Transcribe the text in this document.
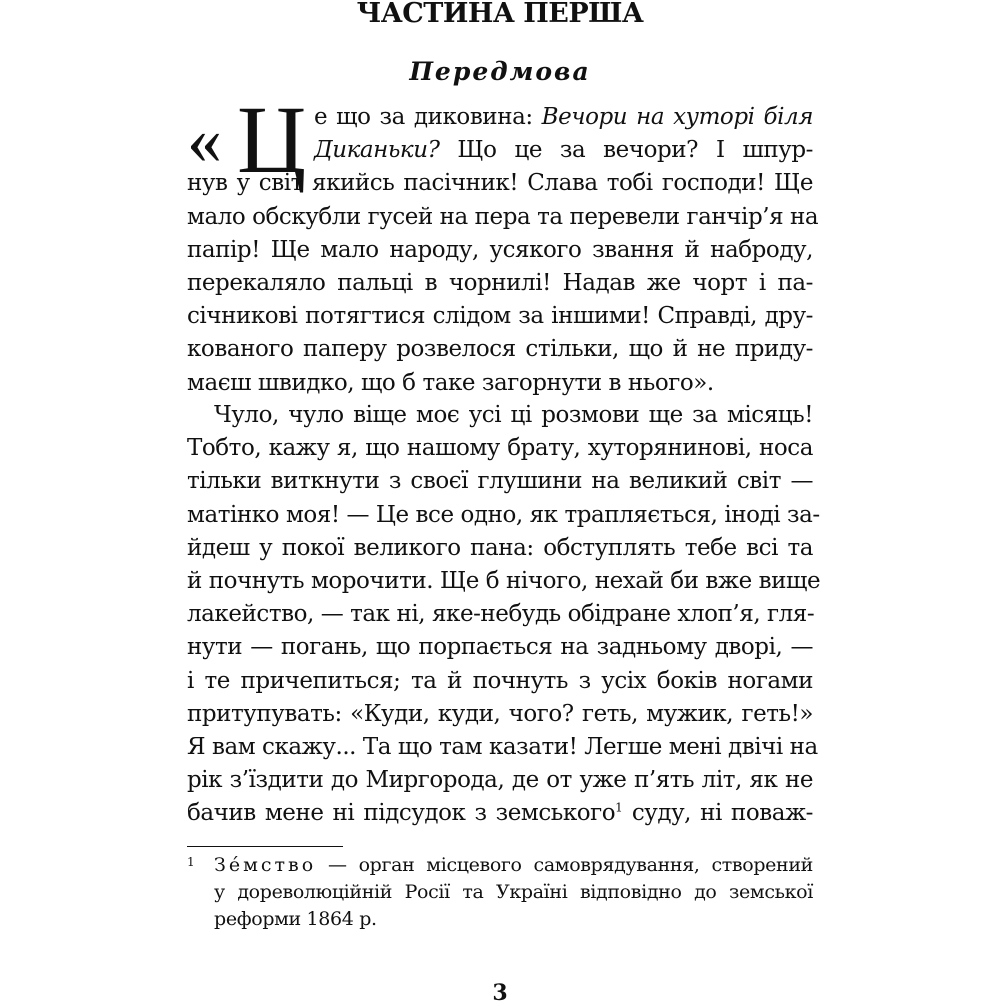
ЧАСТИНА ПЕРША
Передмова
« Ц е що за диковина: Вечори на хуторі біля
Диканьки? Що це за вечори? І шпур-
нув у світ якийсь пасічник! Слава тобі господи! Ще
мало обскубли гусей на пера та перевели ганчір’я на
папір! Ще мало народу, усякого звання й наброду,
перекаляло пальці в чорнилі! Надав же чорт і па-
січникові потягтися слідом за іншими! Справді, дру-
кованого паперу розвелося стільки, що й не приду-
маєш швидко, що б таке загорнути в нього».
Чуло, чуло віще моє усі ці розмови ще за місяць!
Тобто, кажу я, що нашому брату, хуторянинові, носа
тільки виткнути з своєї глушини на великий світ —
матінко моя! — Це все одно, як трапляється, іноді за-
йдеш у покої великого пана: обступлять тебе всі та
й почнуть морочити. Ще б нічого, нехай би вже вище
лакейство, — так ні, яке-небудь обідране хлоп’я, гля-
нути — погань, що порпається на задньому дворі, —
і те причепиться; та й почнуть з усіх боків ногами
притупувать: «Куди, куди, чого? геть, мужик, геть!»
Я вам скажу... Та що там казати! Легше мені двічі на
рік з’їздити до Миргорода, де от уже п’ять літ, як не
бачив мене ні підсудок з земського$^1$ суду, ні поваж-
1	Зе́мство — орган місцевого самоврядування, створений
у дореволюційній Росії та Україні відповідно до земської
реформи 1864 р.
3
